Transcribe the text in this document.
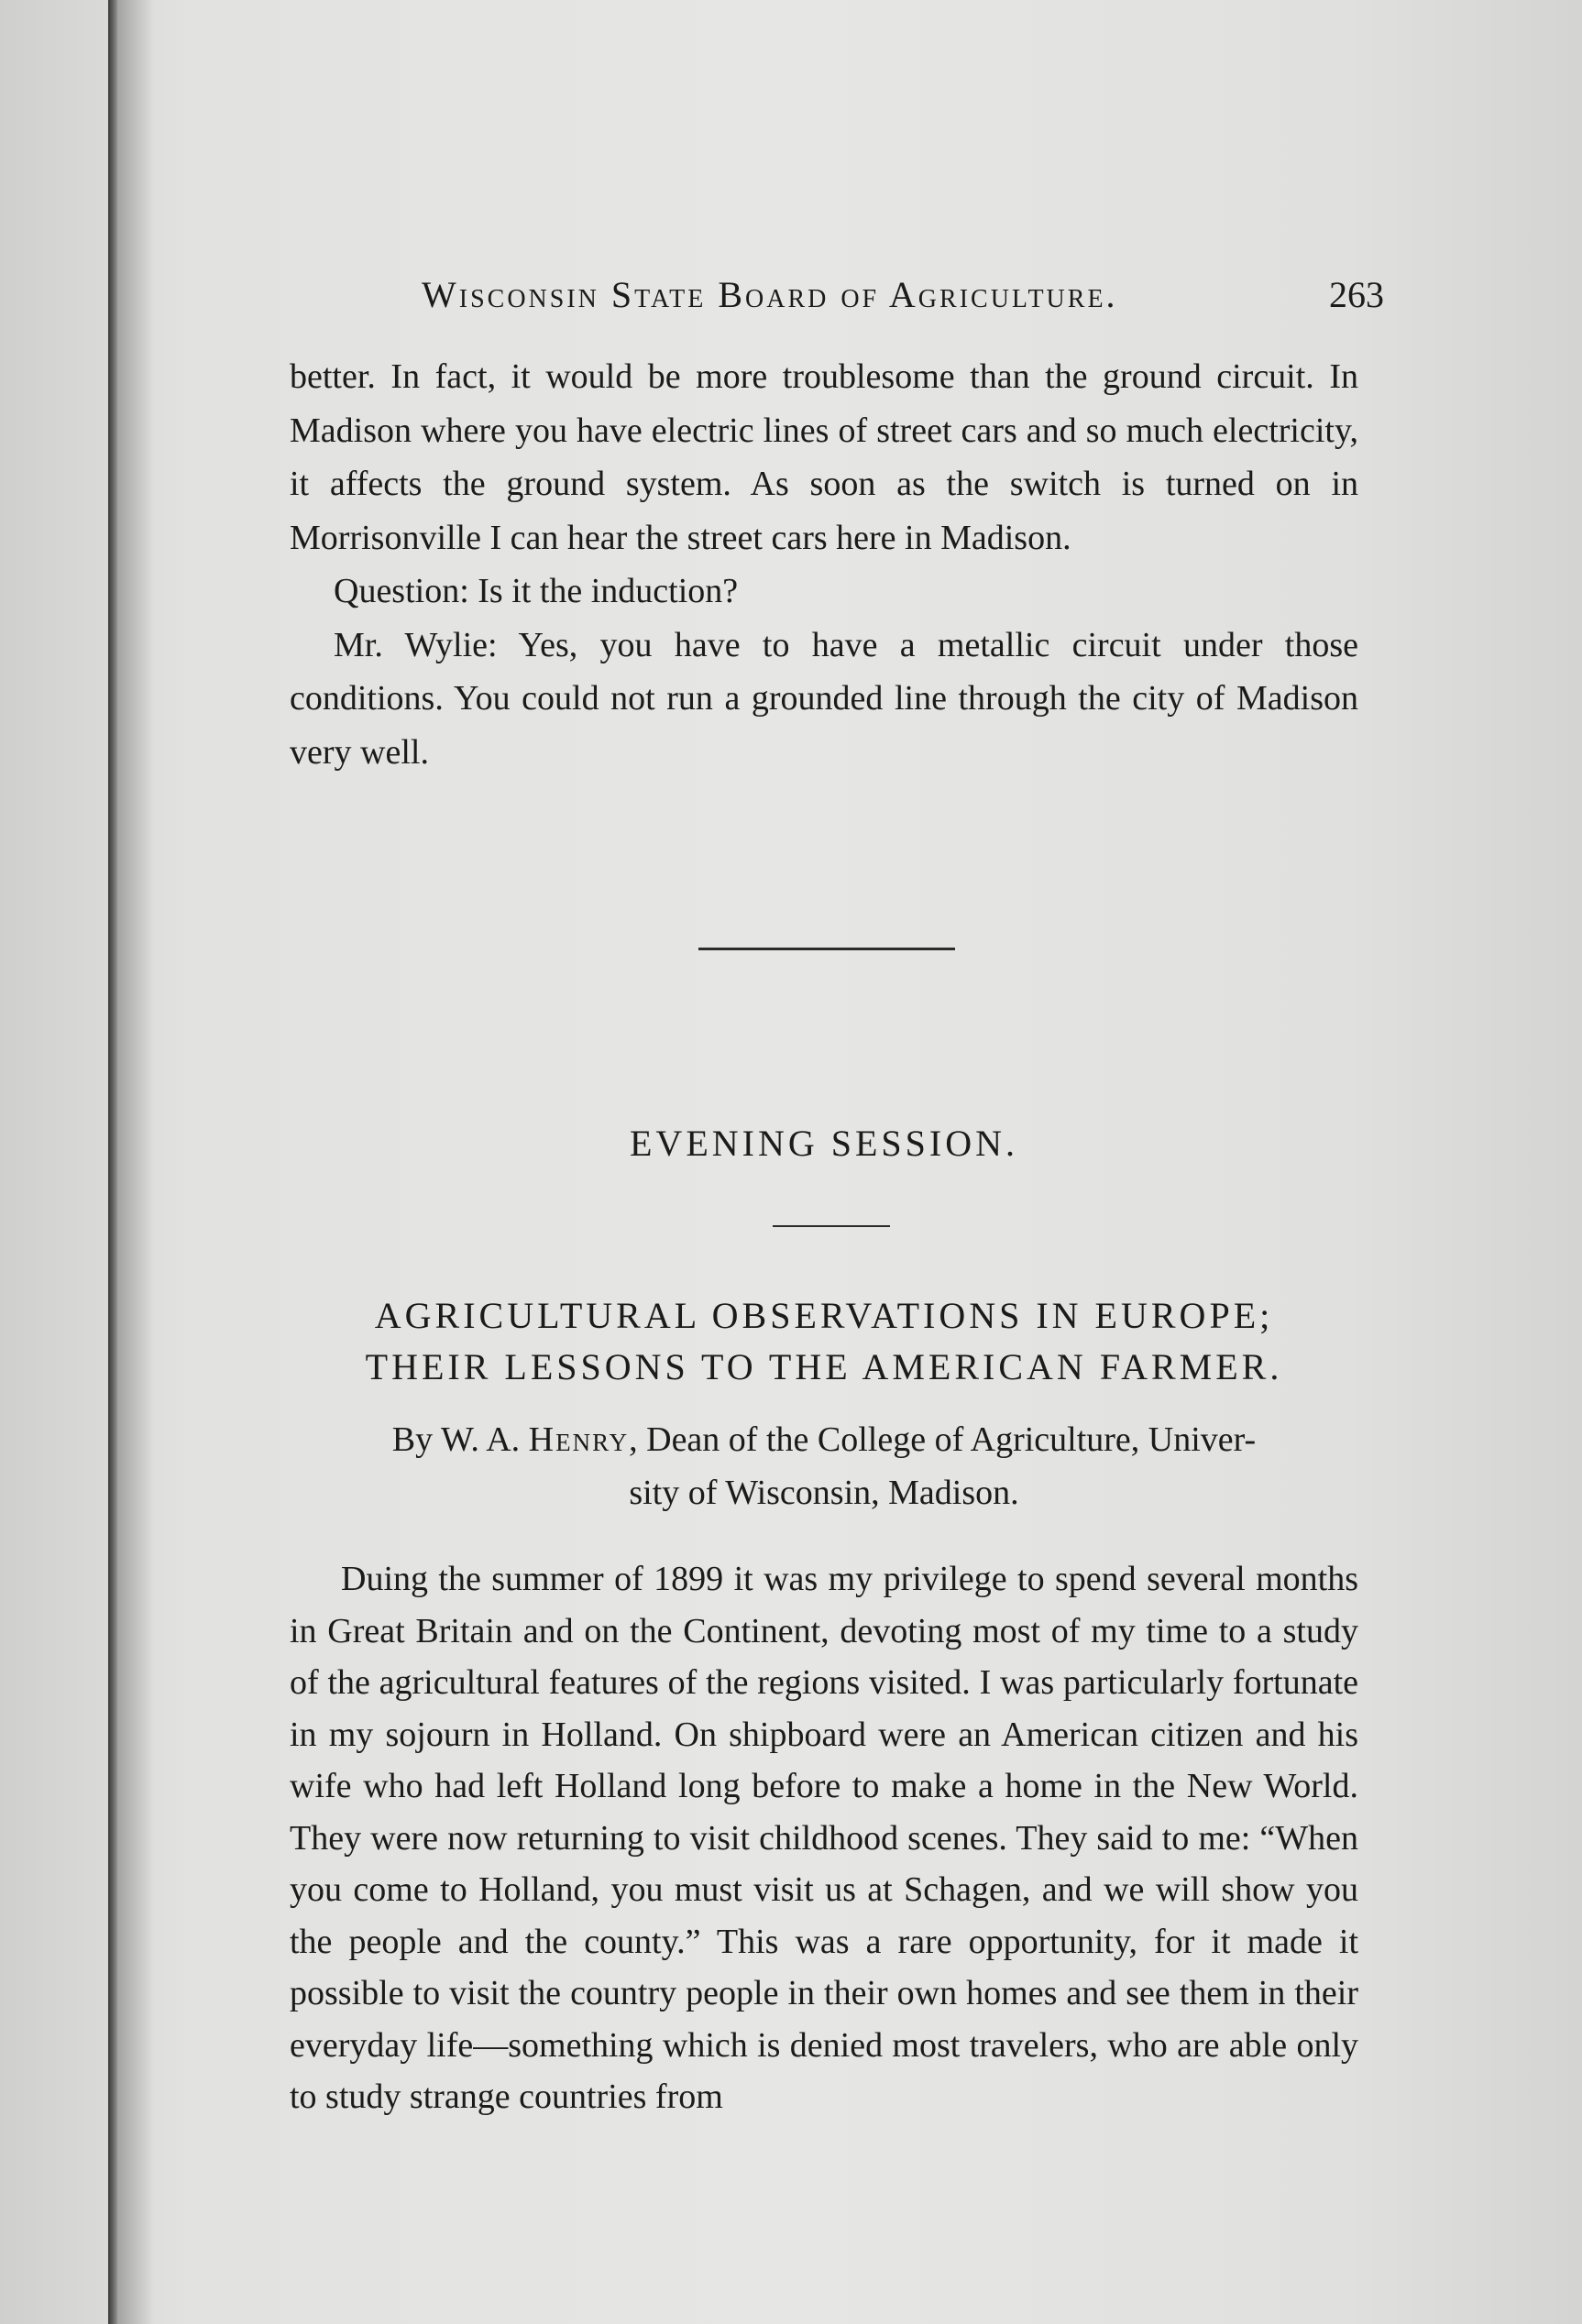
Wisconsin State Board of Agriculture.	263

better. In fact, it would be more troublesome than the ground circuit. In Madison where you have electric lines of street cars and so much electricity, it affects the ground system. As soon as the switch is turned on in Morrisonville I can hear the street cars here in Madison.

Question: Is it the induction?

Mr. Wylie: Yes, you have to have a metallic circuit under those conditions. You could not run a grounded line through the city of Madison very well.

EVENING SESSION.
AGRICULTURAL OBSERVATIONS IN EUROPE;
THEIR LESSONS TO THE AMERICAN FARMER.
By W. A. Henry, Dean of the College of Agriculture, Univer-
sity of Wisconsin, Madison.

Duing the summer of 1899 it was my privilege to spend several months in Great Britain and on the Continent, devoting most of my time to a study of the agricultural features of the regions visited. I was particularly fortunate in my sojourn in Holland. On shipboard were an American citizen and his wife who had left Holland long before to make a home in the New World. They were now returning to visit childhood scenes. They said to me: “When you come to Holland, you must visit us at Schagen, and we will show you the people and the county.” This was a rare opportunity, for it made it possible to visit the country people in their own homes and see them in their everyday life—something which is denied most travelers, who are able only to study strange countries from
